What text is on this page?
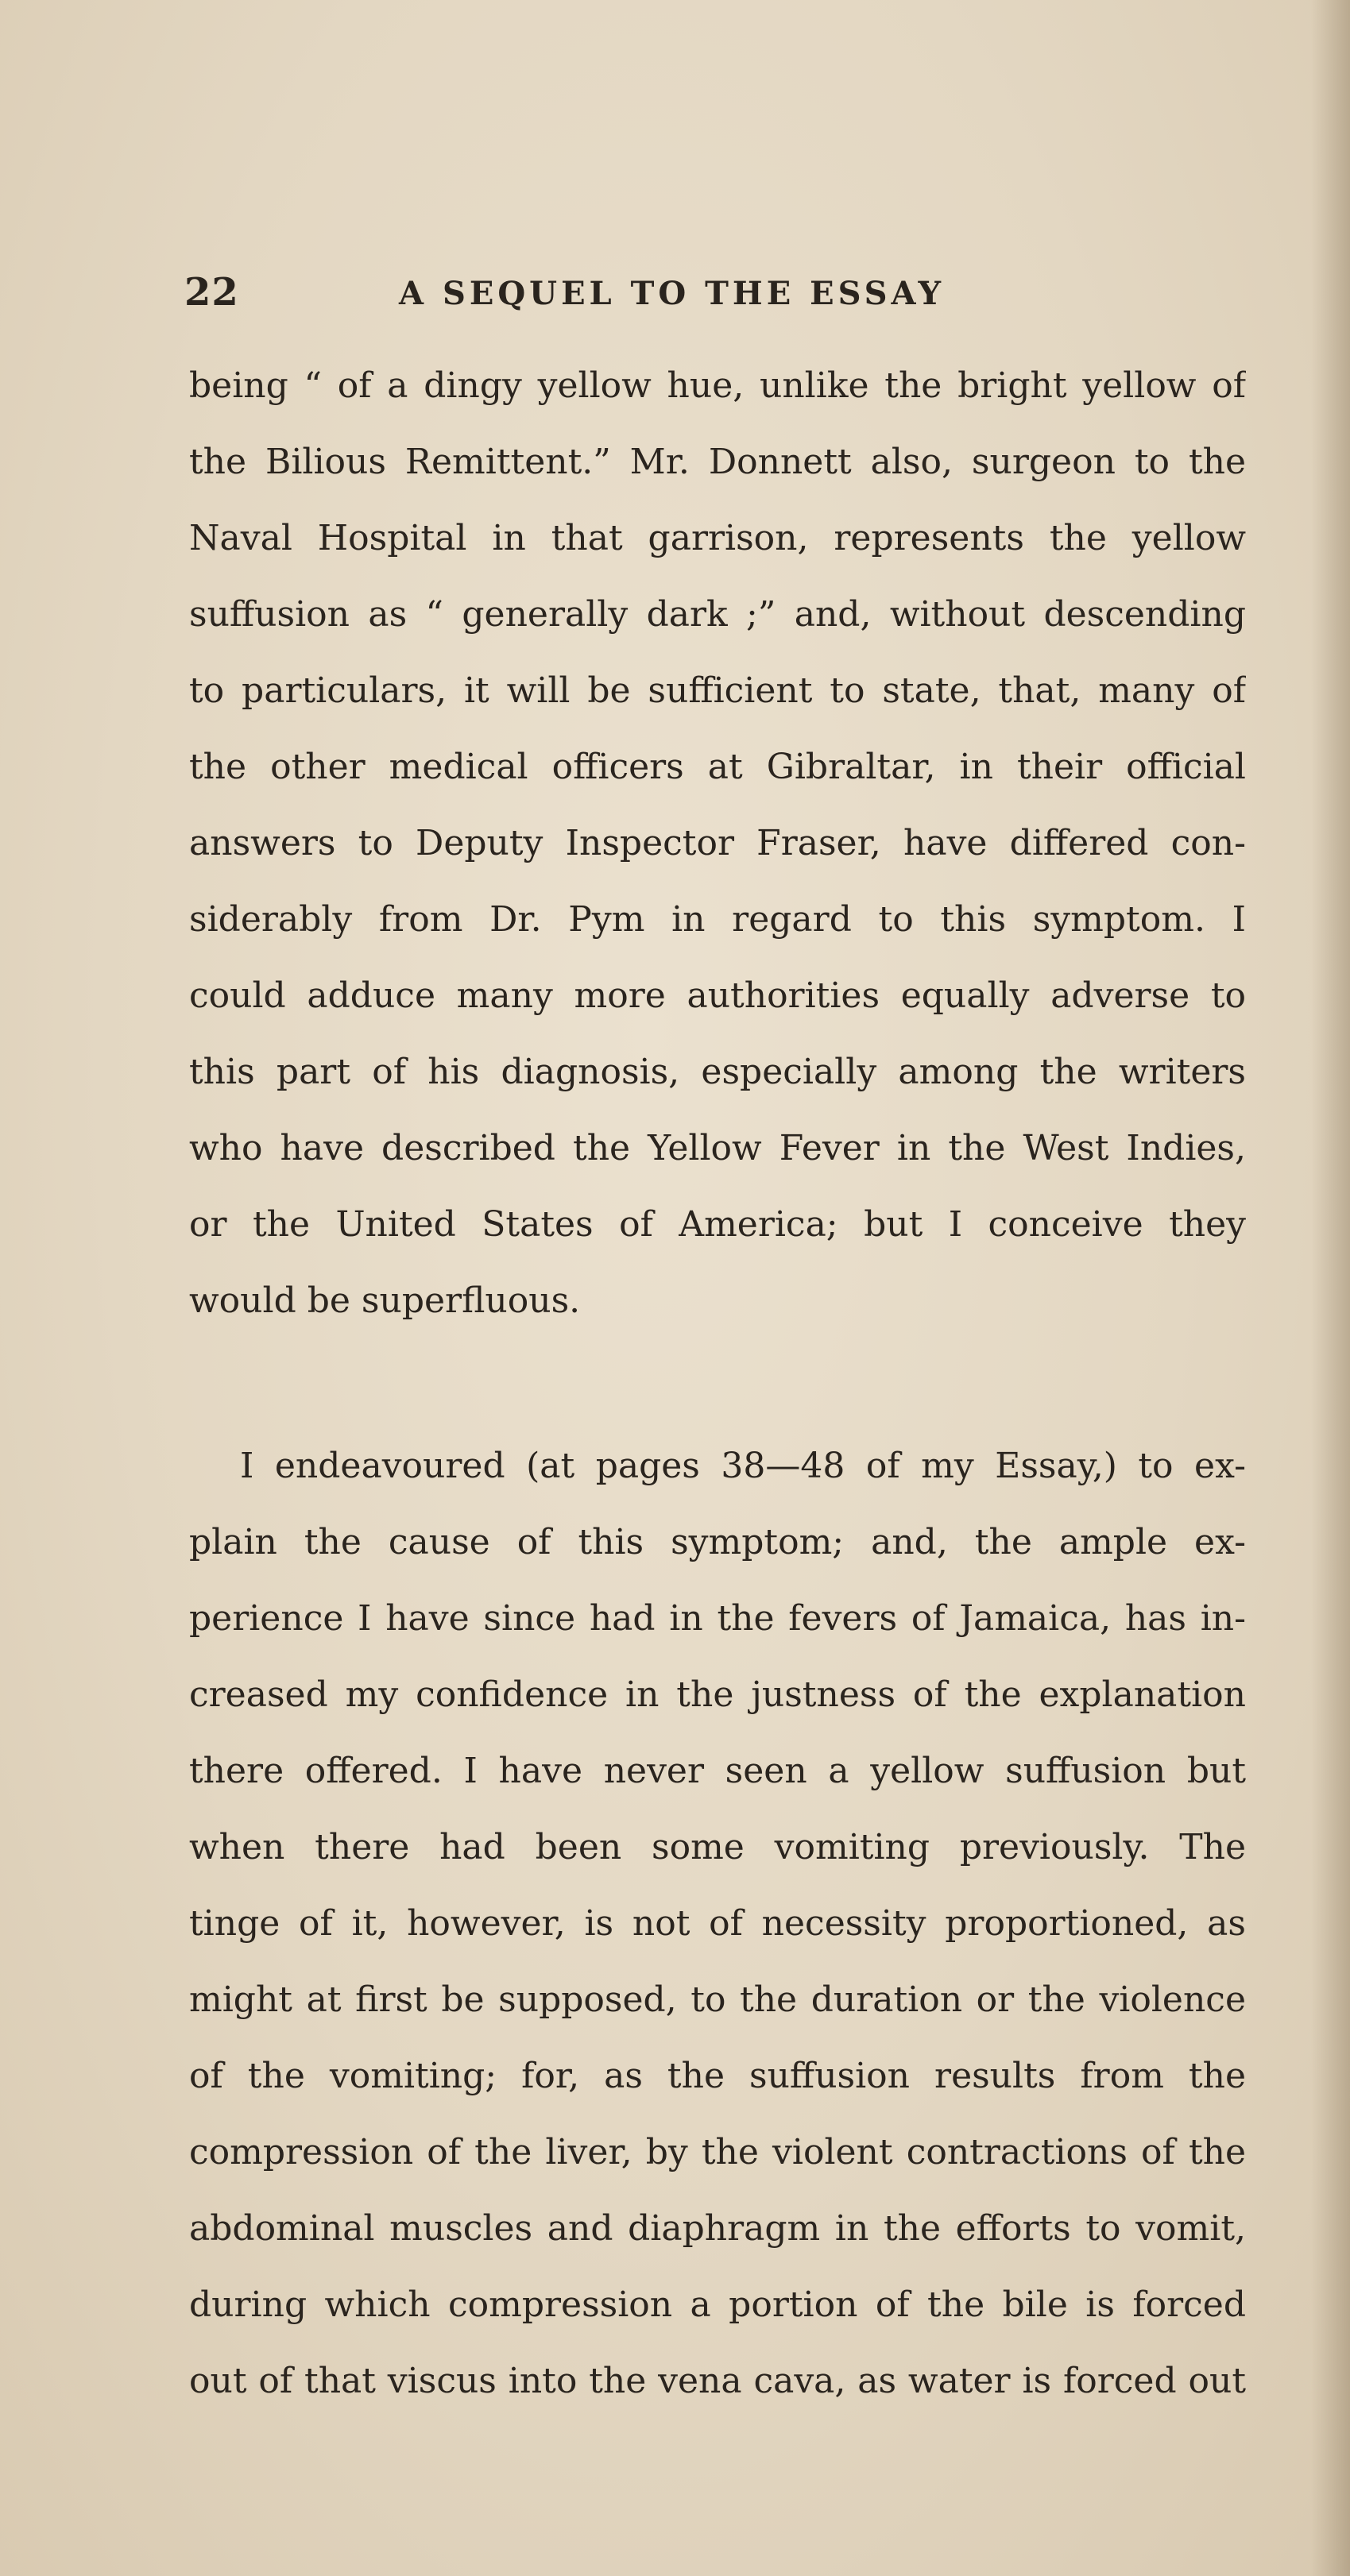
22	A SEQUEL TO THE ESSAY
being “ of a dingy yellow hue, unlike the bright yellow of
the Bilious Remittent.” Mr. Donnett also, surgeon to the
Naval Hospital in that garrison, represents the yellow
suffusion as “ generally dark ;” and, without descending
to particulars, it will be sufficient to state, that, many of
the other medical officers at Gibraltar, in their official
answers to Deputy Inspector Fraser, have differed con-
siderably from Dr. Pym in regard to this symptom. I
could adduce many more authorities equally adverse to
this part of his diagnosis, especially among the writers
who have described the Yellow Fever in the West Indies,
or the United States of America; but I conceive they
would be superfluous.
I endeavoured (at pages 38—48 of my Essay,) to ex-
plain the cause of this symptom; and, the ample ex-
perience I have since had in the fevers of Jamaica, has in-
creased my confidence in the justness of the explanation
there offered. I have never seen a yellow suffusion but
when there had been some vomiting previously. The
tinge of it, however, is not of necessity proportioned, as
might at first be supposed, to the duration or the violence
of the vomiting; for, as the suffusion results from the
compression of the liver, by the violent contractions of the
abdominal muscles and diaphragm in the efforts to vomit,
during which compression a portion of the bile is forced
out of that viscus into the vena cava, as water is forced out
